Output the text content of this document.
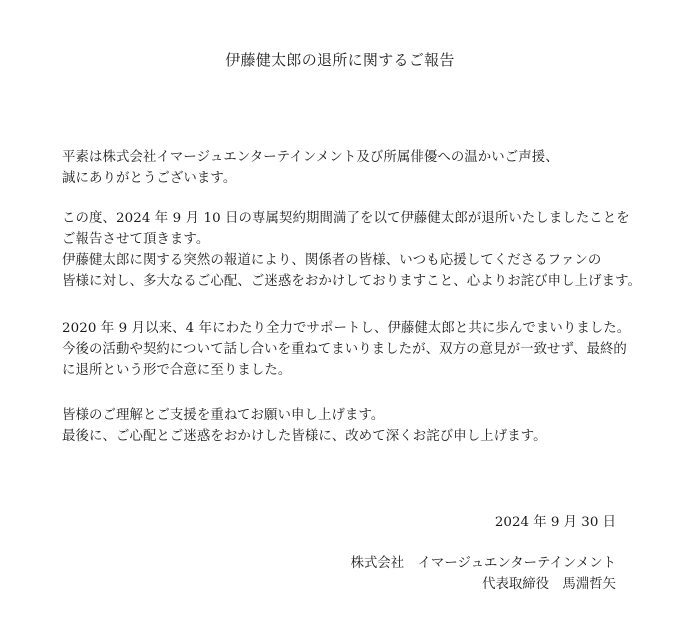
伊藤健太郎の退所に関するご報告
平素は株式会社イマージュエンターテインメント及び所属俳優への温かいご声援、
誠にありがとうございます。
この度、2024 年 9 月 10 日の専属契約期間満了を以て伊藤健太郎が退所いたしましたことを
ご報告させて頂きます。
伊藤健太郎に関する突然の報道により、関係者の皆様、いつも応援してくださるファンの
皆様に対し、多大なるご心配、ご迷惑をおかけしておりますこと、心よりお詫び申し上げます。
2020 年 9 月以来、4 年にわたり全力でサポートし、伊藤健太郎と共に歩んでまいりました。
今後の活動や契約について話し合いを重ねてまいりましたが、双方の意見が一致せず、最終的
に退所という形で合意に至りました。
皆様のご理解とご支援を重ねてお願い申し上げます。
最後に、ご心配とご迷惑をおかけした皆様に、改めて深くお詫び申し上げます。
2024 年 9 月 30 日
株式会社　イマージュエンターテインメント
代表取締役　馬淵哲矢
